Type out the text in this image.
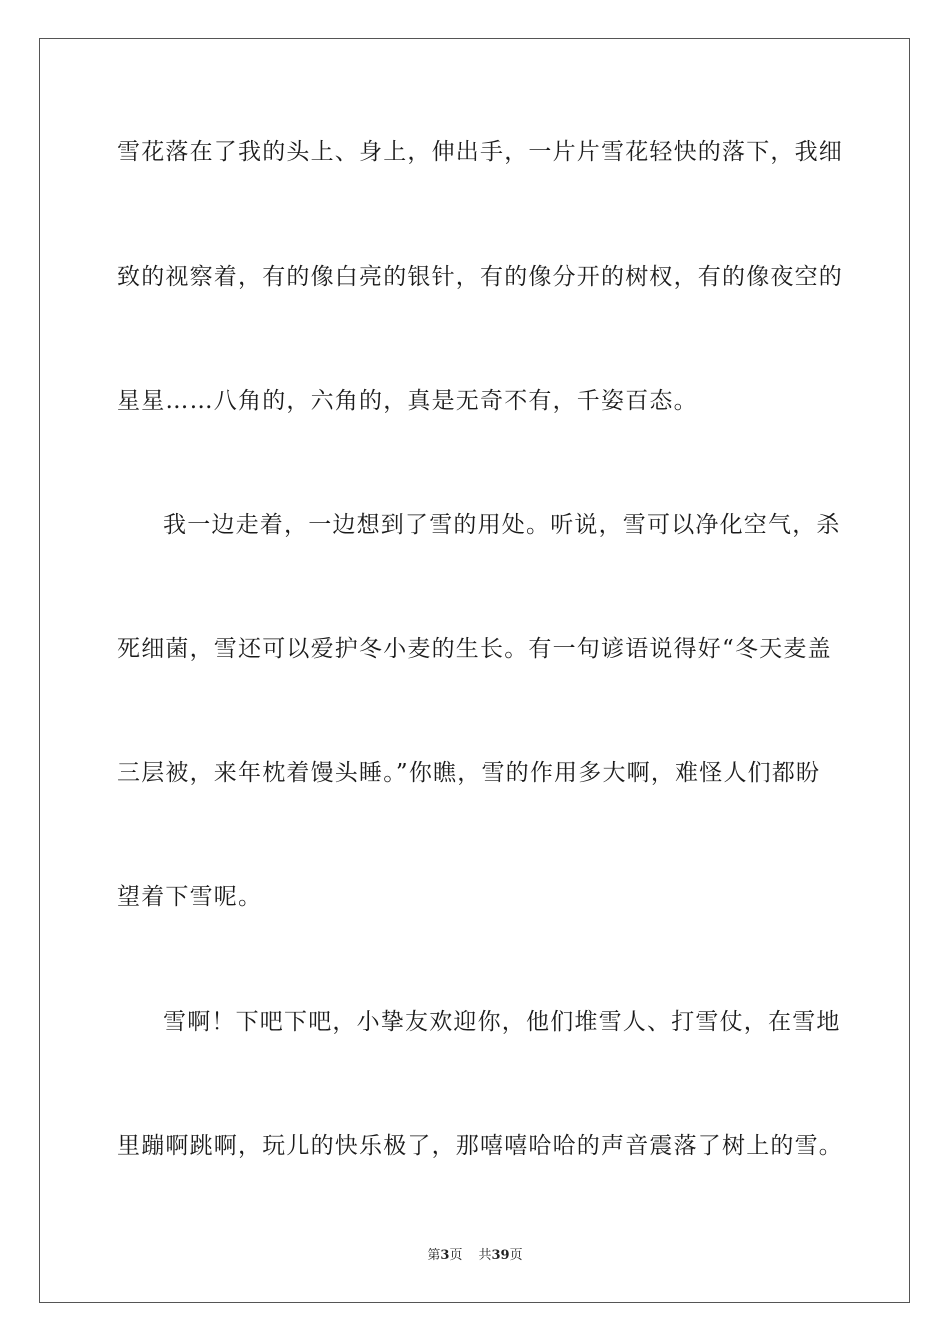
雪花落在了我的头上、身上，伸出手，一片片雪花轻快的落下，我细
致的视察着，有的像白亮的银针，有的像分开的树杈，有的像夜空的
星星……八角的，六角的，真是无奇不有，千姿百态。
我一边走着，一边想到了雪的用处。听说，雪可以净化空气，杀
死细菌，雪还可以爱护冬小麦的生长。有一句谚语说得好“冬天麦盖
三层被，来年枕着馒头睡。”你瞧，雪的作用多大啊，难怪人们都盼
望着下雪呢。
雪啊！下吧下吧，小挚友欢迎你，他们堆雪人、打雪仗，在雪地
里蹦啊跳啊，玩儿的快乐极了，那嘻嘻哈哈的声音震落了树上的雪。
第3页 共39页
